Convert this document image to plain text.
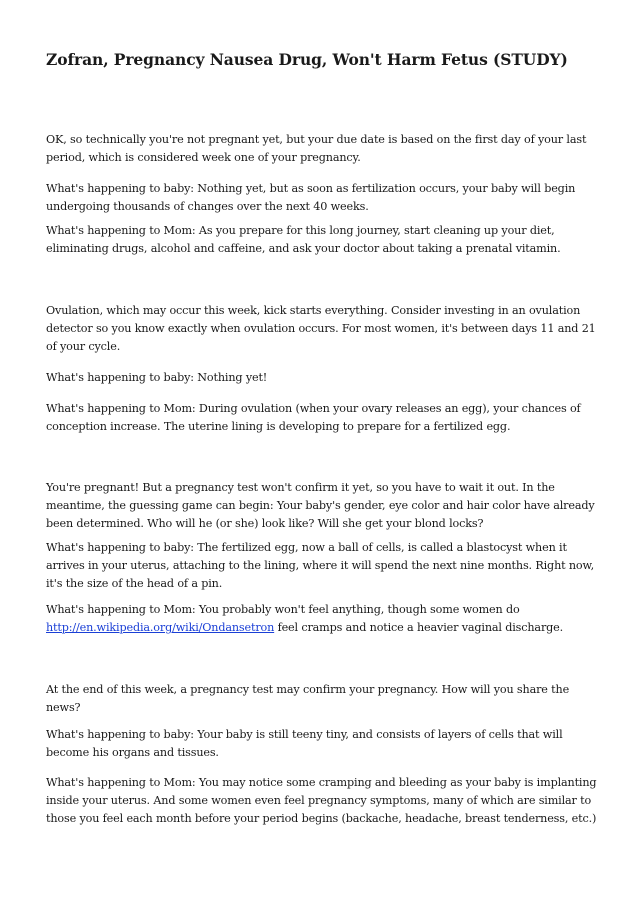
Zofran, Pregnancy Nausea Drug, Won't Harm Fetus (STUDY)

OK, so technically you're not pregnant yet, but your due date is based on the first day of your last
period, which is considered week one of your pregnancy.

What's happening to baby: Nothing yet, but as soon as fertilization occurs, your baby will begin
undergoing thousands of changes over the next 40 weeks.

What's happening to Mom: As you prepare for this long journey, start cleaning up your diet,
eliminating drugs, alcohol and caffeine, and ask your doctor about taking a prenatal vitamin.

Ovulation, which may occur this week, kick starts everything. Consider investing in an ovulation
detector so you know exactly when ovulation occurs. For most women, it's between days 11 and 21
of your cycle.

What's happening to baby: Nothing yet!

What's happening to Mom: During ovulation (when your ovary releases an egg), your chances of
conception increase. The uterine lining is developing to prepare for a fertilized egg.

You're pregnant! But a pregnancy test won't confirm it yet, so you have to wait it out. In the
meantime, the guessing game can begin: Your baby's gender, eye color and hair color have already
been determined. Who will he (or she) look like? Will she get your blond locks?

What's happening to baby: The fertilized egg, now a ball of cells, is called a blastocyst when it
arrives in your uterus, attaching to the lining, where it will spend the next nine months. Right now,
it's the size of the head of a pin.

What's happening to Mom: You probably won't feel anything, though some women do
http://en.wikipedia.org/wiki/Ondansetron feel cramps and notice a heavier vaginal discharge.

At the end of this week, a pregnancy test may confirm your pregnancy. How will you share the
news?

What's happening to baby: Your baby is still teeny tiny, and consists of layers of cells that will
become his organs and tissues.

What's happening to Mom: You may notice some cramping and bleeding as your baby is implanting
inside your uterus. And some women even feel pregnancy symptoms, many of which are similar to
those you feel each month before your period begins (backache, headache, breast tenderness, etc.)
